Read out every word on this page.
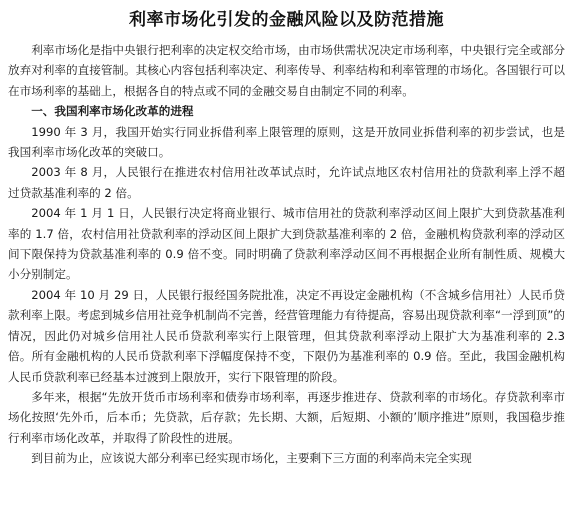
利率市场化引发的金融风险以及防范措施

利率市场化是指中央银行把利率的决定权交给市场，由市场供需状况决定市场利率，中央银行完全或部分放弃对利率的直接管制。其核心内容包括利率决定、利率传导、利率结构和利率管理的市场化。各国银行可以在市场利率的基础上，根据各自的特点或不同的金融交易自由制定不同的利率。

一、我国利率市场化改革的进程

1990 年 3 月，我国开始实行同业拆借利率上限管理的原则，这是开放同业拆借利率的初步尝试，也是我国利率市场化改革的突破口。

2003 年 8 月，人民银行在推进农村信用社改革试点时，允许试点地区农村信用社的贷款利率上浮不超过贷款基准利率的 2 倍。

2004 年 1 月 1 日，人民银行决定将商业银行、城市信用社的贷款利率浮动区间上限扩大到贷款基准利率的 1.7 倍，农村信用社贷款利率的浮动区间上限扩大到贷款基准利率的 2 倍，金融机构贷款利率的浮动区间下限保持为贷款基准利率的 0.9 倍不变。同时明确了贷款利率浮动区间不再根据企业所有制性质、规模大小分别制定。

2004 年 10 月 29 日，人民银行报经国务院批准，决定不再设定金融机构（不含城乡信用社）人民币贷款利率上限。考虑到城乡信用社竞争机制尚不完善，经营管理能力有待提高，容易出现贷款利率“一浮到顶”的情况，因此仍对城乡信用社人民币贷款利率实行上限管理，但其贷款利率浮动上限扩大为基准利率的 2.3 倍。所有金融机构的人民币贷款利率下浮幅度保持不变，下限仍为基准利率的 0.9 倍。至此，我国金融机构人民币贷款利率已经基本过渡到上限放开，实行下限管理的阶段。

多年来，根据“先放开货币市场利率和债券市场利率，再逐步推进存、贷款利率的市场化。存贷款利率市场化按照‘先外币，后本币；先贷款，后存款；先长期、大额，后短期、小额的’顺序推进”原则，我国稳步推行利率市场化改革，并取得了阶段性的进展。

到目前为止，应该说大部分利率已经实现市场化，主要剩下三方面的利率尚未完全实现
